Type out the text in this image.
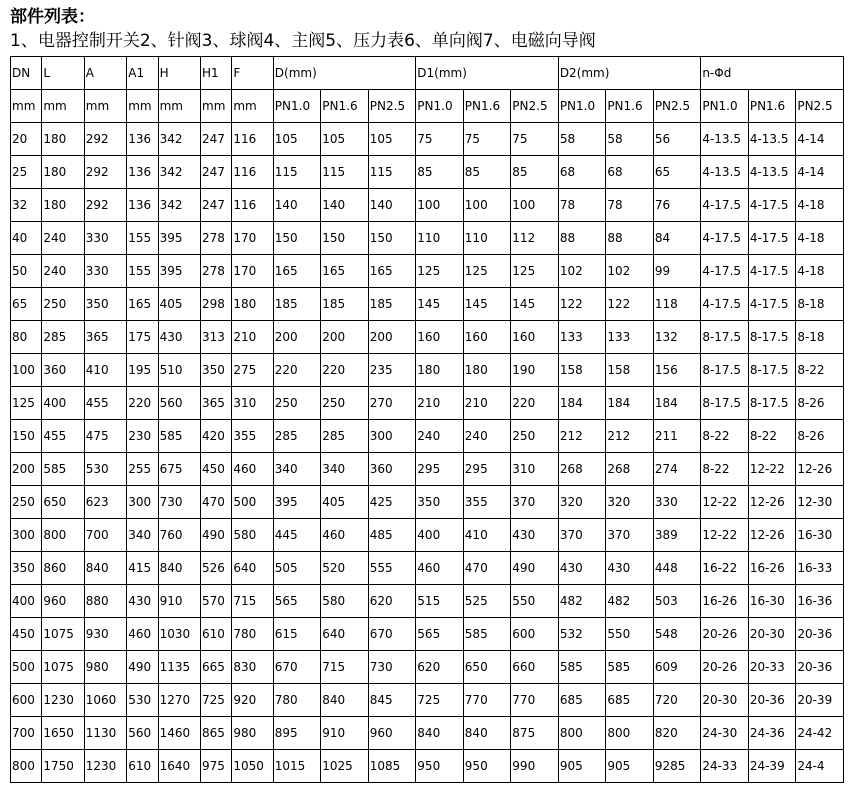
部件列表：
1、电器控制开关2、针阀3、球阀4、主阀5、压力表6、单向阀7、电磁向导阀
DN	L	A	A1	H	H1	F	D(mm)			D1(mm)			D2(mm)			n-Φd		
mm	mm	mm	mm	mm	mm	mm	PN1.0	PN1.6	PN2.5	PN1.0	PN1.6	PN2.5	PN1.0	PN1.6	PN2.5	PN1.0	PN1.6	PN2.5
20	180	292	136	342	247	116	105	105	105	75	75	75	58	58	56	4-13.5	4-13.5	4-14
25	180	292	136	342	247	116	115	115	115	85	85	85	68	68	65	4-13.5	4-13.5	4-14
32	180	292	136	342	247	116	140	140	140	100	100	100	78	78	76	4-17.5	4-17.5	4-18
40	240	330	155	395	278	170	150	150	150	110	110	112	88	88	84	4-17.5	4-17.5	4-18
50	240	330	155	395	278	170	165	165	165	125	125	125	102	102	99	4-17.5	4-17.5	4-18
65	250	350	165	405	298	180	185	185	185	145	145	145	122	122	118	4-17.5	4-17.5	8-18
80	285	365	175	430	313	210	200	200	200	160	160	160	133	133	132	8-17.5	8-17.5	8-18
100	360	410	195	510	350	275	220	220	235	180	180	190	158	158	156	8-17.5	8-17.5	8-22
125	400	455	220	560	365	310	250	250	270	210	210	220	184	184	184	8-17.5	8-17.5	8-26
150	455	475	230	585	420	355	285	285	300	240	240	250	212	212	211	8-22	8-22	8-26
200	585	530	255	675	450	460	340	340	360	295	295	310	268	268	274	8-22	12-22	12-26
250	650	623	300	730	470	500	395	405	425	350	355	370	320	320	330	12-22	12-26	12-30
300	800	700	340	760	490	580	445	460	485	400	410	430	370	370	389	12-22	12-26	16-30
350	860	840	415	840	526	640	505	520	555	460	470	490	430	430	448	16-22	16-26	16-33
400	960	880	430	910	570	715	565	580	620	515	525	550	482	482	503	16-26	16-30	16-36
450	1075	930	460	1030	610	780	615	640	670	565	585	600	532	550	548	20-26	20-30	20-36
500	1075	980	490	1135	665	830	670	715	730	620	650	660	585	585	609	20-26	20-33	20-36
600	1230	1060	530	1270	725	920	780	840	845	725	770	770	685	685	720	20-30	20-36	20-39
700	1650	1130	560	1460	865	980	895	910	960	840	840	875	800	800	820	24-30	24-36	24-42
800	1750	1230	610	1640	975	1050	1015	1025	1085	950	950	990	905	905	9285	24-33	24-39	24-4
